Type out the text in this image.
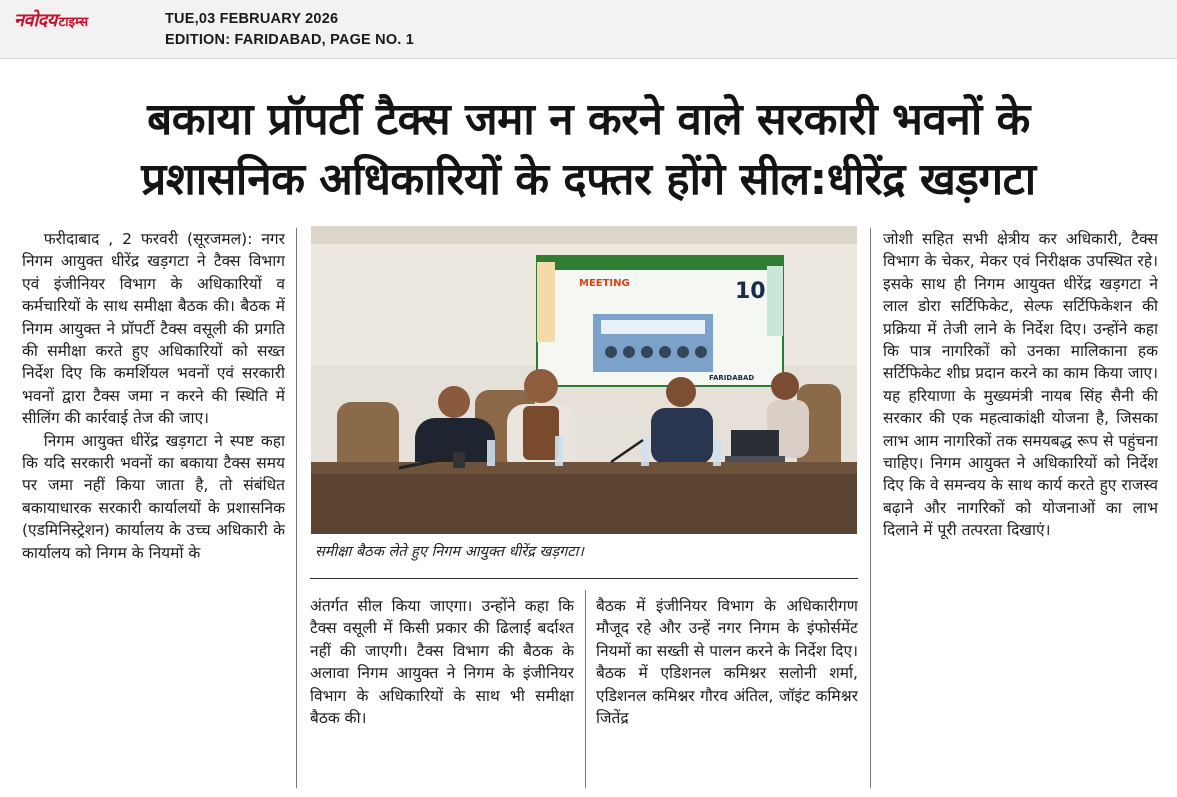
नवोदय टाइम्स	TUE,03 FEBRUARY 2026
EDITION: FARIDABAD, PAGE NO. 1
बकाया प्रॉपर्टी टैक्स जमा न करने वाले सरकारी भवनों के
प्रशासनिक अधिकारियों के दफ्तर होंगे सील:धीरेंद्र खड़गटा

फरीदाबाद , 2 फरवरी (सूरजमल): नगर निगम आयुक्त धीरेंद्र खड़गटा ने टैक्स विभाग एवं इंजीनियर विभाग के अधिकारियों व कर्मचारियों के साथ समीक्षा बैठक की। बैठक में निगम आयुक्त ने प्रॉपर्टी टैक्स वसूली की प्रगति की समीक्षा करते हुए अधिकारियों को सख्त निर्देश दिए कि कमर्शियल भवनों एवं सरकारी भवनों द्वारा टैक्स जमा न करने की स्थिति में सीलिंग की कार्रवाई तेज की जाए।

निगम आयुक्त धीरेंद्र खड़गटा ने स्पष्ट कहा कि यदि सरकारी भवनों का बकाया टैक्स समय पर जमा नहीं किया जाता है, तो संबंधित बकायाधारक सरकारी कार्यालयों के प्रशासनिक (एडमिनिस्ट्रेशन) कार्यालय के उच्च अधिकारी के कार्यालय को निगम के नियमों के

MEETING	10
FARIDABAD
समीक्षा बैठक लेते हुए निगम आयुक्त धीरेंद्र खड़गटा।
अंतर्गत सील किया जाएगा। उन्होंने कहा कि टैक्स वसूली में किसी प्रकार की ढिलाई बर्दाश्त नहीं की जाएगी। टैक्स विभाग की बैठक के अलावा निगम आयुक्त ने निगम के इंजीनियर विभाग के अधिकारियों के साथ भी समीक्षा बैठक की।
बैठक में इंजीनियर विभाग के अधिकारीगण मौजूद रहे और उन्हें नगर निगम के इंफोर्समेंट नियमों का सख्ती से पालन करने के निर्देश दिए। बैठक में एडिशनल कमिश्नर सलोनी शर्मा, एडिशनल कमिश्नर गौरव अंतिल, जॉइंट कमिश्नर जितेंद्र
जोशी सहित सभी क्षेत्रीय कर अधिकारी, टैक्स विभाग के चेकर, मेकर एवं निरीक्षक उपस्थित रहे। इसके साथ ही निगम आयुक्त धीरेंद्र खड़गटा ने लाल डोरा सर्टिफिकेट, सेल्फ सर्टिफिकेशन की प्रक्रिया में तेजी लाने के निर्देश दिए। उन्होंने कहा कि पात्र नागरिकों को उनका मालिकाना हक सर्टिफिकेट शीघ्र प्रदान करने का काम किया जाए। यह हरियाणा के मुख्यमंत्री नायब सिंह सैनी की सरकार की एक महत्वाकांक्षी योजना है, जिसका लाभ आम नागरिकों तक समयबद्ध रूप से पहुंचना चाहिए। निगम आयुक्त ने अधिकारियों को निर्देश दिए कि वे समन्वय के साथ कार्य करते हुए राजस्व बढ़ाने और नागरिकों को योजनाओं का लाभ दिलाने में पूरी तत्परता दिखाएं।
